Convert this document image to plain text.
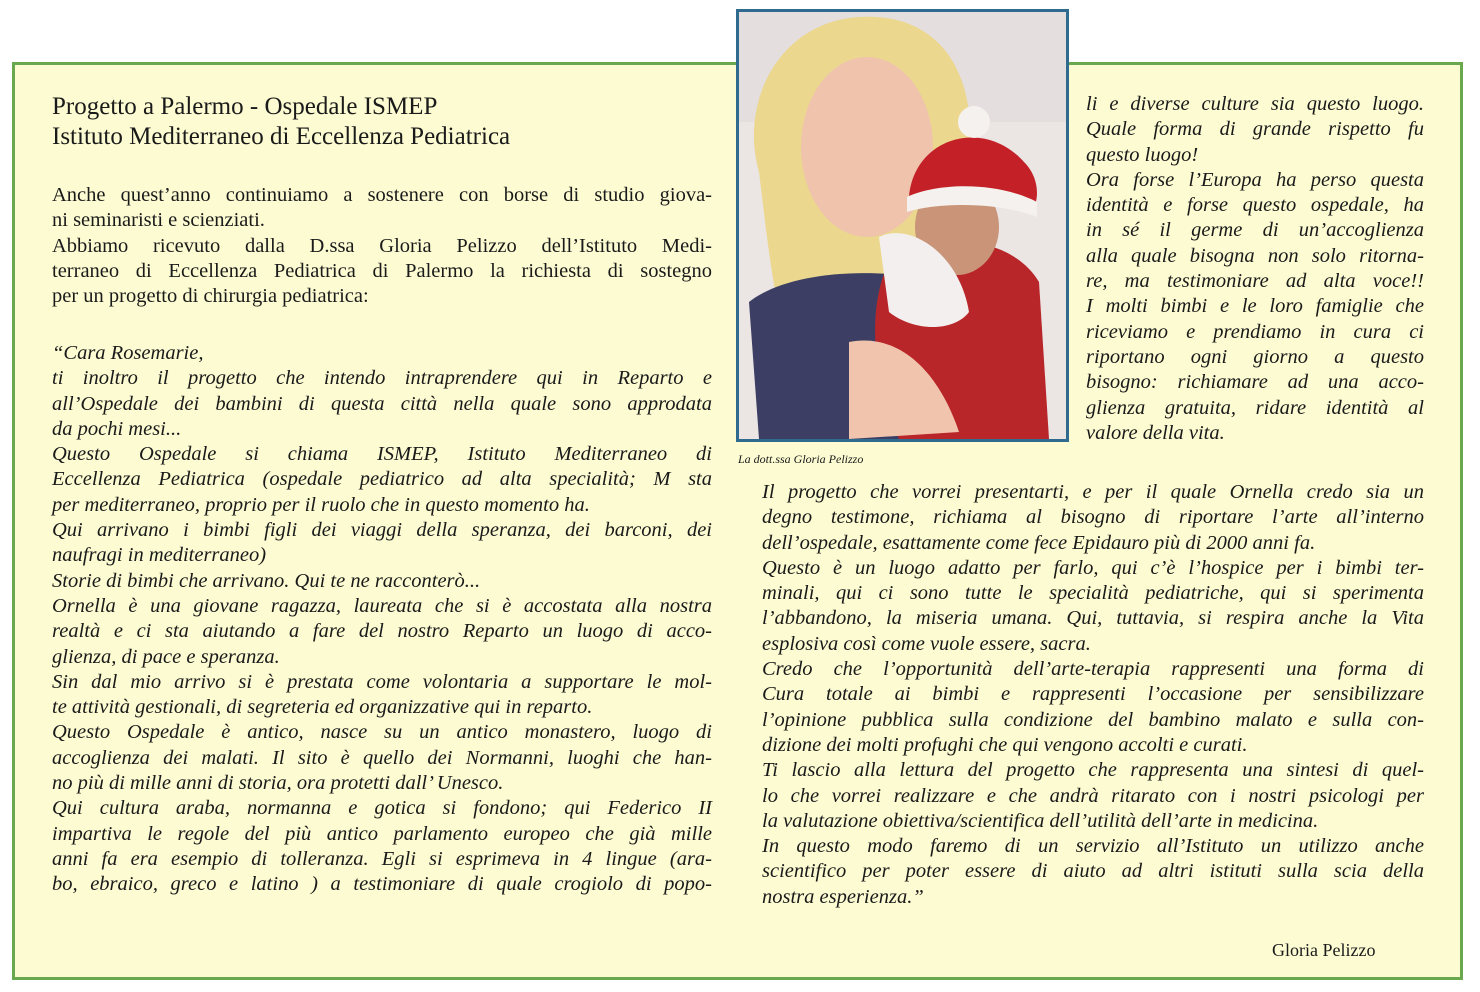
Progetto a Palermo - Ospedale ISMEP
Istituto Mediterraneo di Eccellenza Pediatrica
Anche quest’anno continuiamo a sostenere con borse di studio giova-
ni seminaristi e scienziati.
Abbiamo ricevuto dalla D.ssa Gloria Pelizzo dell’Istituto Medi-
terraneo di Eccellenza Pediatrica di Palermo la richiesta di sostegno
per un progetto di chirurgia pediatrica:
“Cara Rosemarie,
ti inoltro il progetto che intendo intraprendere qui in Reparto e
all’Ospedale dei bambini di questa città nella quale sono approdata
da pochi mesi...
Questo Ospedale si chiama ISMEP, Istituto Mediterraneo di
Eccellenza Pediatrica (ospedale pediatrico ad alta specialità; M sta
per mediterraneo, proprio per il ruolo che in questo momento ha.
Qui arrivano i bimbi figli dei viaggi della speranza, dei barconi, dei
naufragi in mediterraneo)
Storie di bimbi che arrivano. Qui te ne racconterò...
Ornella è una giovane ragazza, laureata che si è accostata alla nostra
realtà e ci sta aiutando a fare del nostro Reparto un luogo di acco-
glienza, di pace e speranza.
Sin dal mio arrivo si è prestata come volontaria a supportare le mol-
te attività gestionali, di segreteria ed organizzative qui in reparto.
Questo Ospedale è antico, nasce su un antico monastero, luogo di
accoglienza dei malati. Il sito è quello dei Normanni, luoghi che han-
no più di mille anni di storia, ora protetti dall’ Unesco.
Qui cultura araba, normanna e gotica si fondono; qui Federico II
impartiva le regole del più antico parlamento europeo che già mille
anni fa era esempio di tolleranza. Egli si esprimeva in 4 lingue (ara-
bo, ebraico, greco e latino ) a testimoniare di quale crogiolo di popo-
La dott.ssa Gloria Pelizzo
li e diverse culture sia questo luogo.
Quale forma di grande rispetto fu
questo luogo!
Ora forse l’Europa ha perso questa
identità e forse questo ospedale, ha
in sé il germe di un’accoglienza
alla quale bisogna non solo ritorna-
re, ma testimoniare ad alta voce!!
I molti bimbi e le loro famiglie che
riceviamo e prendiamo in cura ci
riportano ogni giorno a questo
bisogno: richiamare ad una acco-
glienza gratuita, ridare identità al
valore della vita.
Il progetto che vorrei presentarti, e per il quale Ornella credo sia un
degno testimone, richiama al bisogno di riportare l’arte all’interno
dell’ospedale, esattamente come fece Epidauro più di 2000 anni fa.
Questo è un luogo adatto per farlo, qui c’è l’hospice per i bimbi ter-
minali, qui ci sono tutte le specialità pediatriche, qui si sperimenta
l’abbandono, la miseria umana. Qui, tuttavia, si respira anche la Vita
esplosiva così come vuole essere, sacra.
Credo che l’opportunità dell’arte-terapia rappresenti una forma di
Cura totale ai bimbi e rappresenti l’occasione per sensibilizzare
l’opinione pubblica sulla condizione del bambino malato e sulla con-
dizione dei molti profughi che qui vengono accolti e curati.
Ti lascio alla lettura del progetto che rappresenta una sintesi di quel-
lo che vorrei realizzare e che andrà ritarato con i nostri psicologi per
la valutazione obiettiva/scientifica dell’utilità dell’arte in medicina.
In questo modo faremo di un servizio all’Istituto un utilizzo anche
scientifico per poter essere di aiuto ad altri istituti sulla scia della
nostra esperienza.”
Gloria Pelizzo
